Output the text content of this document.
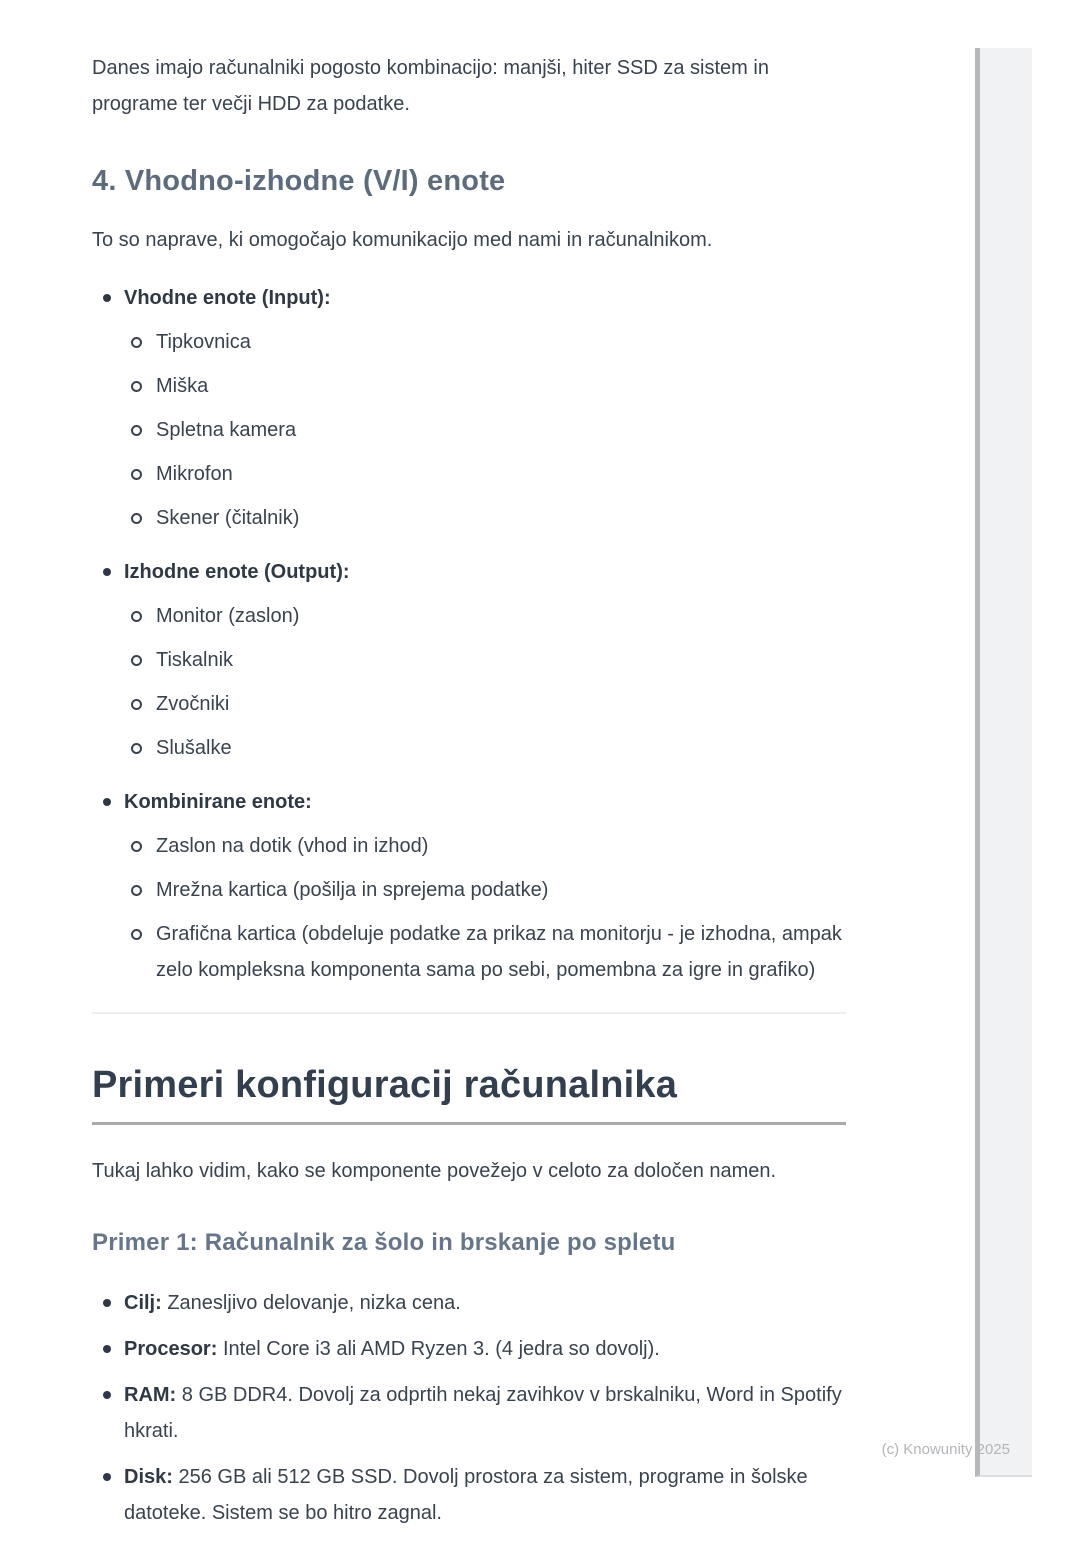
Danes imajo računalniki pogosto kombinacijo: manjši, hiter SSD za sistem in programe ter večji HDD za podatke.

4. Vhodno-izhodne (V/I) enote

To so naprave, ki omogočajo komunikacijo med nami in računalnikom.

Vhodne enote (Input):
Tipkovnica
Miška
Spletna kamera
Mikrofon
Skener (čitalnik)
Izhodne enote (Output):
Monitor (zaslon)
Tiskalnik
Zvočniki
Slušalke
Kombinirane enote:
Zaslon na dotik (vhod in izhod)
Mrežna kartica (pošilja in sprejema podatke)
Grafična kartica (obdeluje podatke za prikaz na monitorju - je izhodna, ampak zelo kompleksna komponenta sama po sebi, pomembna za igre in grafiko)
Primeri konfiguracij računalnika

Tukaj lahko vidim, kako se komponente povežejo v celoto za določen namen.

Primer 1: Računalnik za šolo in brskanje po spletu
Cilj: Zanesljivo delovanje, nizka cena.
Procesor: Intel Core i3 ali AMD Ryzen 3. (4 jedra so dovolj).
RAM: 8 GB DDR4. Dovolj za odprtih nekaj zavihkov v brskalniku, Word in Spotify hkrati.
Disk: 256 GB ali 512 GB SSD. Dovolj prostora za sistem, programe in šolske datoteke. Sistem se bo hitro zagnal.
(c) Knowunity 2025
